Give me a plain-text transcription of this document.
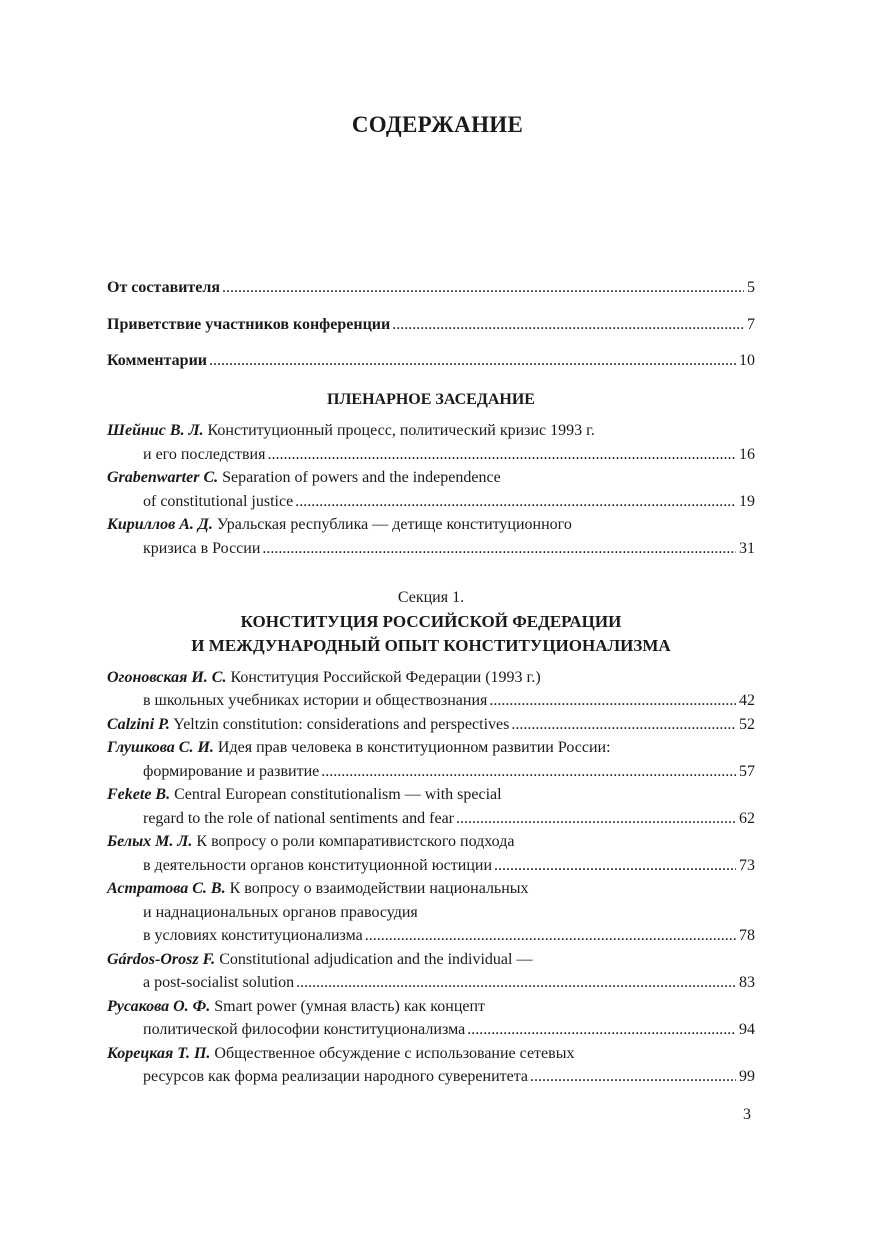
СОДЕРЖАНИЕ
От составителя .....	5
Приветствие участников конференции .....	7
Комментарии .....	10
ПЛЕНАРНОЕ ЗАСЕДАНИЕ
Шейнис В. Л. Конституционный процесс, политический кризис 1993 г.
и его последствия .....	16
Grabenwarter C. Separation of powers and the independence
of constitutional justice .....	19
Кириллов А. Д. Уральская республика — детище конституционного
кризиса в России .....	31
Секция 1.
КОНСТИТУЦИЯ РОССИЙСКОЙ ФЕДЕРАЦИИ
И МЕЖДУНАРОДНЫЙ ОПЫТ КОНСТИТУЦИОНАЛИЗМА
Огоновская И. С. Конституция Российской Федерации (1993 г.)
в школьных учебниках истории и обществознания .....	42
Calzini P. Yeltzin constitution: considerations and perspectives .....	52
Глушкова С. И. Идея прав человека в конституционном развитии России:
формирование и развитие .....	57
Fekete B. Central European constitutionalism — with special
regard to the role of national sentiments and fear .....	62
Белых М. Л. К вопросу о роли компаративистского подхода
в деятельности органов конституционной юстиции .....	73
Астратова С. В. К вопросу о взаимодействии национальных
и наднациональных органов правосудия
в условиях конституционализма .....	78
Gárdos-Orosz F. Constitutional adjudication and the individual —
a post-socialist solution .....	83
Русакова О. Ф. Smart power (умная власть) как концепт
политической философии конституционализма .....	94
Корецкая Т. П. Общественное обсуждение с использование сетевых
ресурсов как форма реализации народного суверенитета .....	99
3
